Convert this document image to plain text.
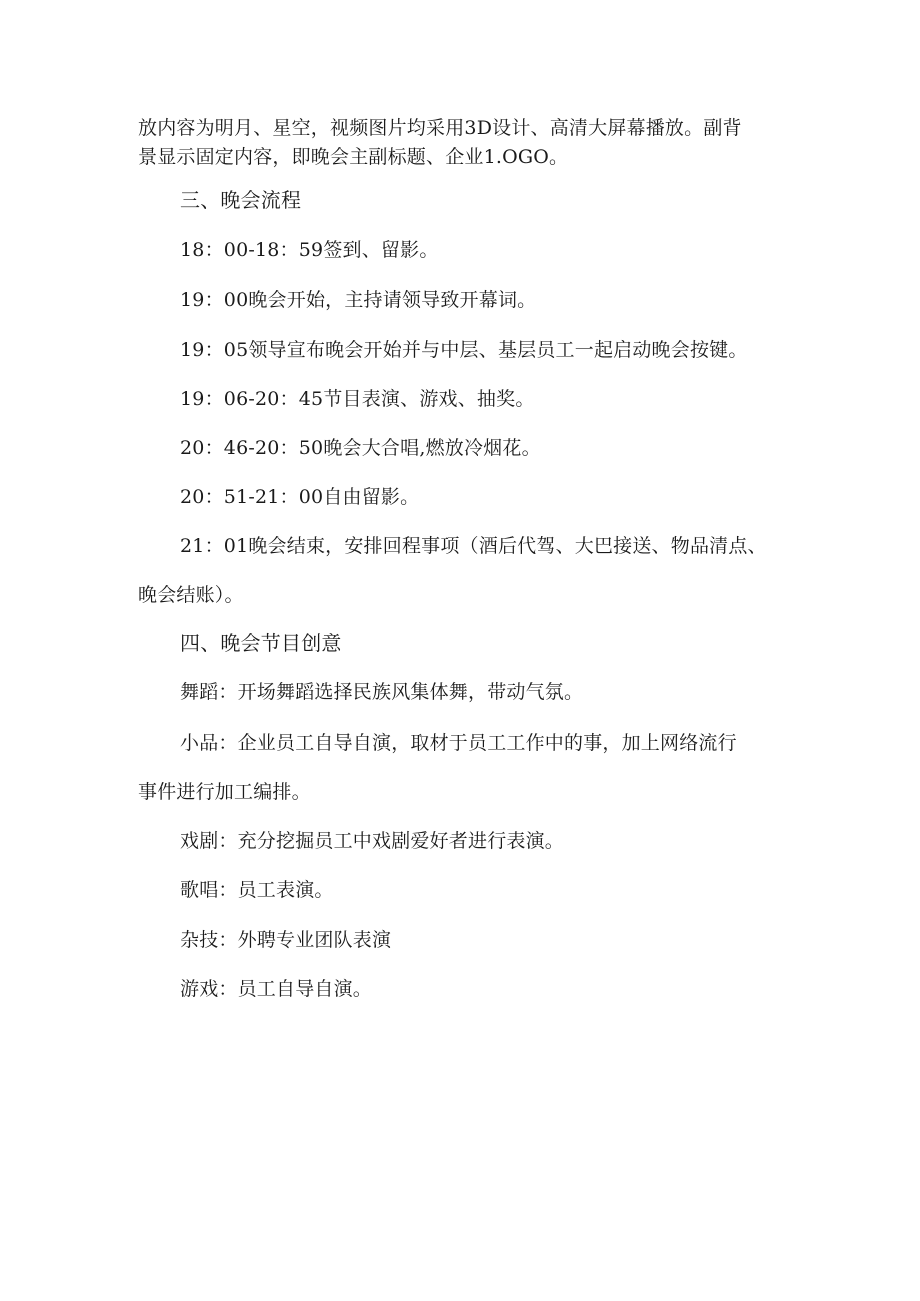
放内容为明月、星空，视频图片均采用3D设计、高清大屏幕播放。副背
景显示固定内容，即晚会主副标题、企业1.OGO。
三、晚会流程
18：00-18：59签到、留影。
19：00晚会开始，主持请领导致开幕词。
19：05领导宣布晚会开始并与中层、基层员工一起启动晚会按键。
19：06-20：45节目表演、游戏、抽奖。
20：46-20：50晚会大合唱,燃放冷烟花。
20：51-21：00自由留影。
21：01晚会结束，安排回程事项（酒后代驾、大巴接送、物品清点、
晚会结账）。
四、晚会节目创意
舞蹈：开场舞蹈选择民族风集体舞，带动气氛。
小品：企业员工自导自演，取材于员工工作中的事，加上网络流行
事件进行加工编排。
戏剧：充分挖掘员工中戏剧爱好者进行表演。
歌唱：员工表演。
杂技：外聘专业团队表演
游戏：员工自导自演。
